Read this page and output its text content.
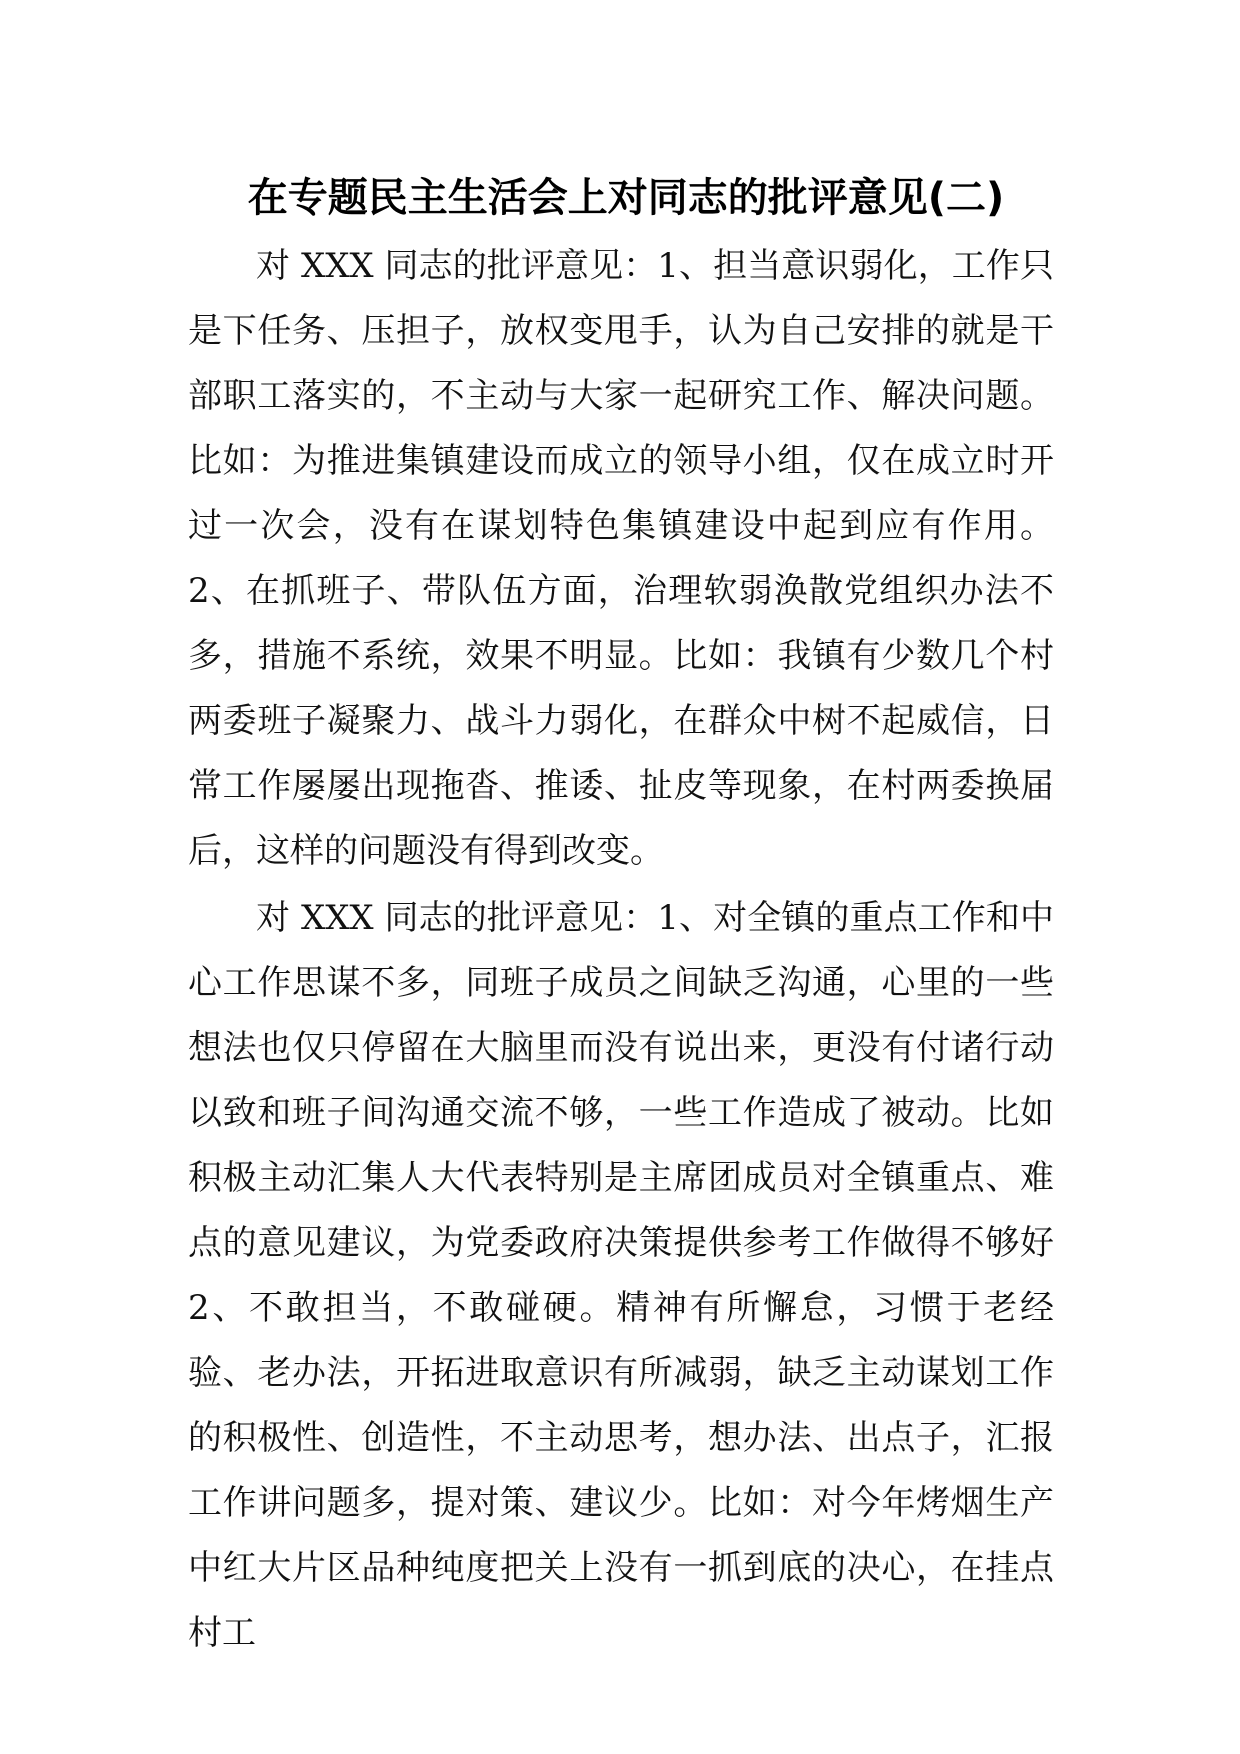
在专题民主生活会上对同志的批评意见(二)

对 XXX 同志的批评意见：1、担当意识弱化，工作只是下任务、压担子，放权变甩手，认为自己安排的就是干部职工落实的，不主动与大家一起研究工作、解决问题。比如：为推进集镇建设而成立的领导小组，仅在成立时开过一次会，没有在谋划特色集镇建设中起到应有作用。 2、在抓班子、带队伍方面，治理软弱涣散党组织办法不多，措施不系统，效果不明显。比如：我镇有少数几个村两委班子凝聚力、战斗力弱化，在群众中树不起威信，日常工作屡屡出现拖沓、推诿、扯皮等现象，在村两委换届后，这样的问题没有得到改变。

对 XXX 同志的批评意见：1、对全镇的重点工作和中心工作思谋不多，同班子成员之间缺乏沟通，心里的一些想法也仅只停留在大脑里而没有说出来，更没有付诸行动以致和班子间沟通交流不够，一些工作造成了被动。比如积极主动汇集人大代表特别是主席团成员对全镇重点、难点的意见建议，为党委政府决策提供参考工作做得不够好 2、不敢担当，不敢碰硬。精神有所懈怠，习惯于老经验、老办法，开拓进取意识有所减弱，缺乏主动谋划工作的积极性、创造性，不主动思考，想办法、出点子，汇报工作讲问题多，提对策、建议少。比如：对今年烤烟生产中红大片区品种纯度把关上没有一抓到底的决心，在挂点村工
